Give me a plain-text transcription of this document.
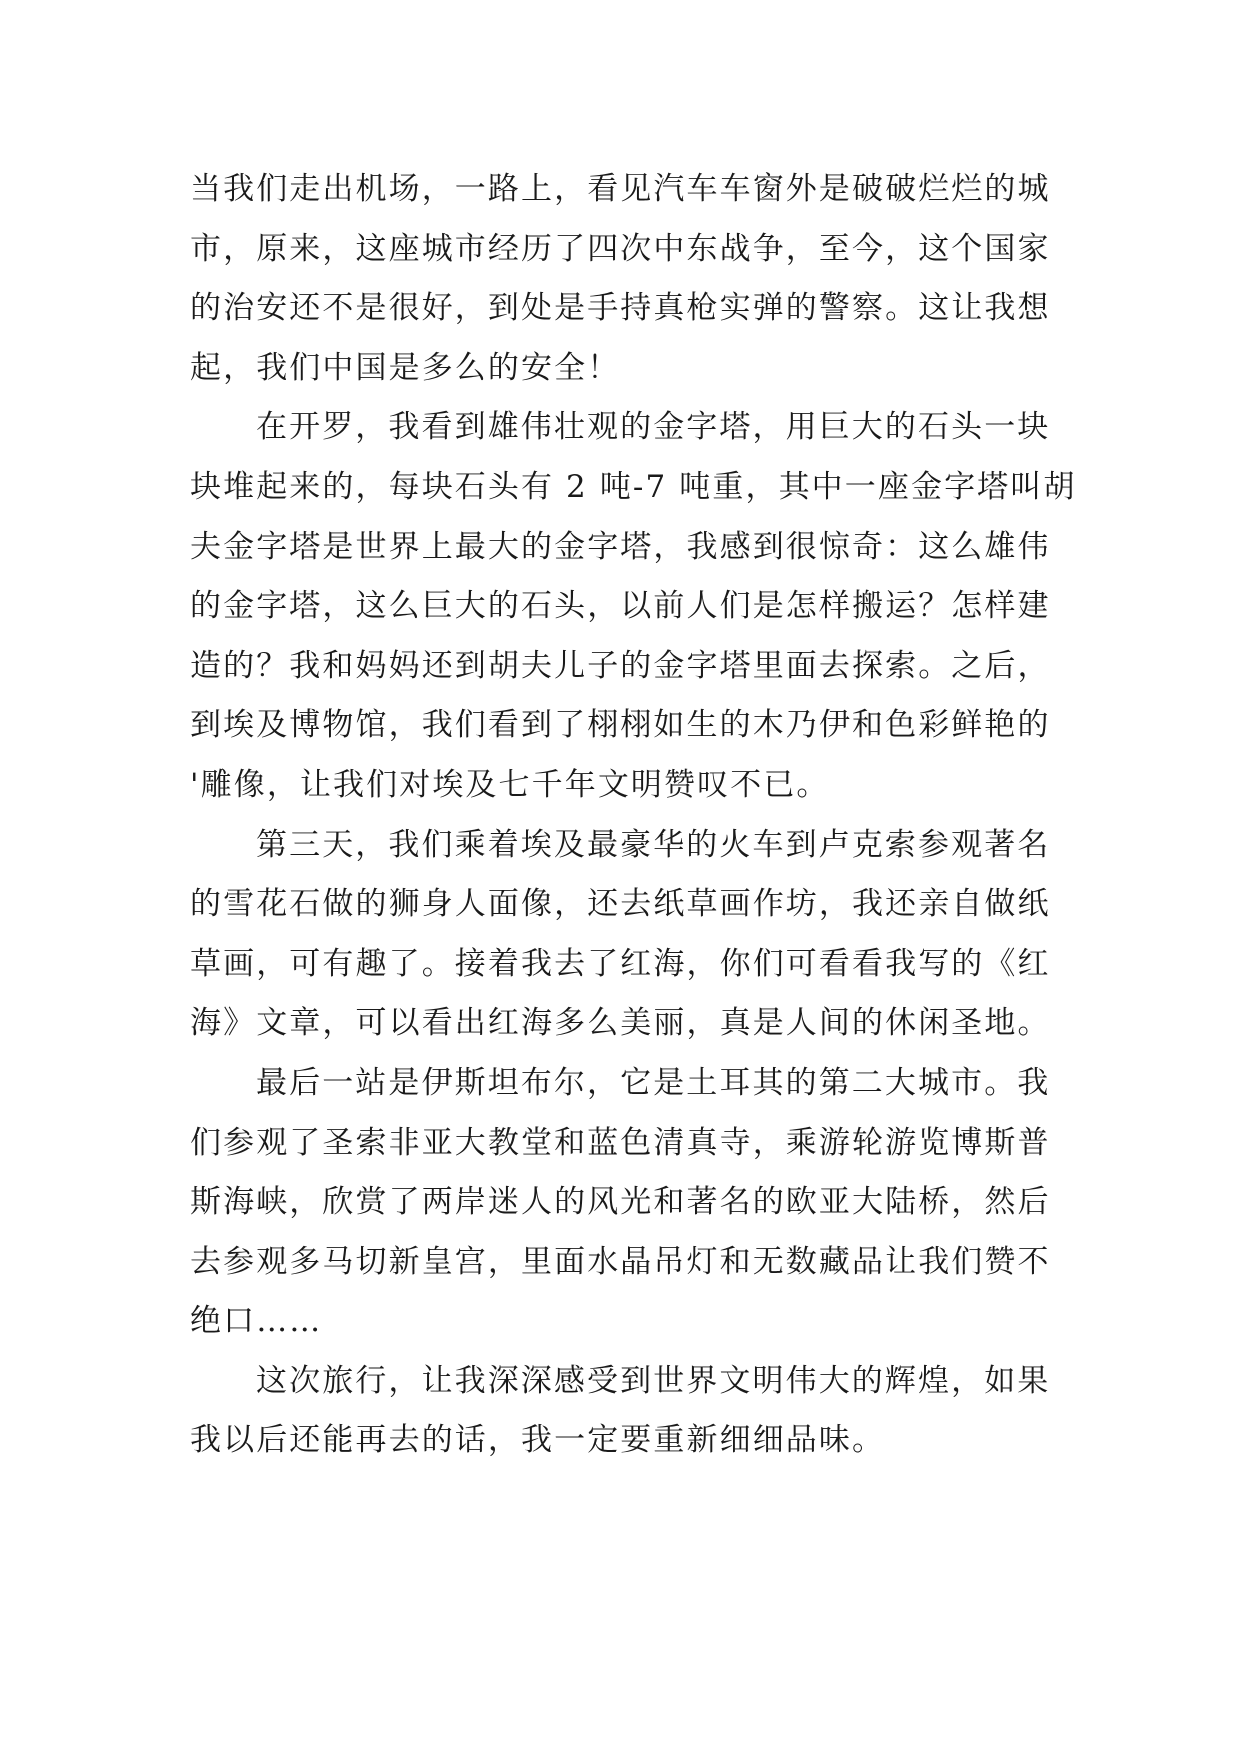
当我们走出机场，一路上，看见汽车车窗外是破破烂烂的城
市，原来，这座城市经历了四次中东战争，至今，这个国家
的治安还不是很好，到处是手持真枪实弹的警察。这让我想
起，我们中国是多么的安全！
在开罗，我看到雄伟壮观的金字塔，用巨大的石头一块
块堆起来的，每块石头有 2 吨-7 吨重，其中一座金字塔叫胡
夫金字塔是世界上最大的金字塔，我感到很惊奇：这么雄伟
的金字塔，这么巨大的石头，以前人们是怎样搬运？怎样建
造的？我和妈妈还到胡夫儿子的金字塔里面去探索。之后，
到埃及博物馆，我们看到了栩栩如生的木乃伊和色彩鲜艳的
'雕像，让我们对埃及七千年文明赞叹不已。
第三天，我们乘着埃及最豪华的火车到卢克索参观著名
的雪花石做的狮身人面像，还去纸草画作坊，我还亲自做纸
草画，可有趣了。接着我去了红海，你们可看看我写的《红
海》文章，可以看出红海多么美丽，真是人间的休闲圣地。
最后一站是伊斯坦布尔，它是土耳其的第二大城市。我
们参观了圣索非亚大教堂和蓝色清真寺，乘游轮游览博斯普
斯海峡，欣赏了两岸迷人的风光和著名的欧亚大陆桥，然后
去参观多马切新皇宫，里面水晶吊灯和无数藏品让我们赞不
绝口……
这次旅行，让我深深感受到世界文明伟大的辉煌，如果
我以后还能再去的话，我一定要重新细细品味。
